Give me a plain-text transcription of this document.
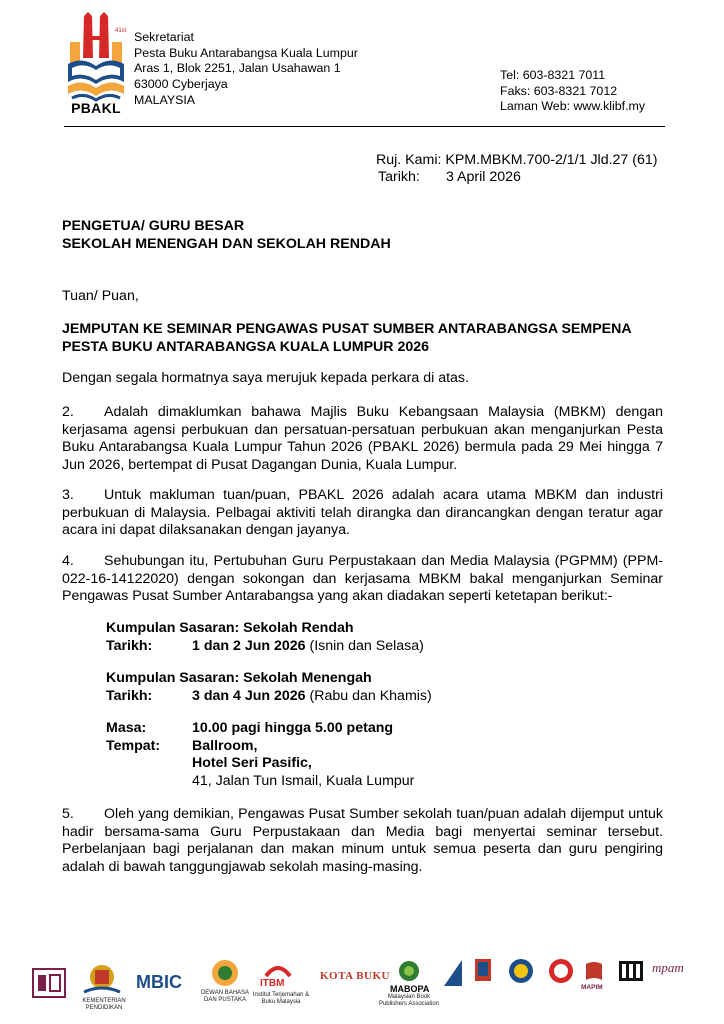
41st
PBAKL
Sekretariat
Pesta Buku Antarabangsa Kuala Lumpur
Aras 1, Blok 2251, Jalan Usahawan 1
63000 Cyberjaya
MALAYSIA
Tel: 603-8321 7011
Faks: 603-8321 7012
Laman Web: www.klibf.my
Ruj. Kami: KPM.MBKM.700-2/1/1 Jld.27 (61)
Tarikh: 3 April 2026
PENGETUA/ GURU BESAR
SEKOLAH MENENGAH DAN SEKOLAH RENDAH
Tuan/ Puan,
JEMPUTAN KE SEMINAR PENGAWAS PUSAT SUMBER ANTARABANGSA SEMPENA PESTA BUKU ANTARABANGSA KUALA LUMPUR 2026
Dengan segala hormatnya saya merujuk kepada perkara di atas.
2. Adalah dimaklumkan bahawa Majlis Buku Kebangsaan Malaysia (MBKM) dengan kerjasama agensi perbukuan dan persatuan-persatuan perbukuan akan menganjurkan Pesta Buku Antarabangsa Kuala Lumpur Tahun 2026 (PBAKL 2026) bermula pada 29 Mei hingga 7 Jun 2026, bertempat di Pusat Dagangan Dunia, Kuala Lumpur.
3. Untuk makluman tuan/puan, PBAKL 2026 adalah acara utama MBKM dan industri perbukuan di Malaysia. Pelbagai aktiviti telah dirangka dan dirancangkan dengan teratur agar acara ini dapat dilaksanakan dengan jayanya.
4. Sehubungan itu, Pertubuhan Guru Perpustakaan dan Media Malaysia (PGPMM) (PPM-022-16-14122020) dengan sokongan dan kerjasama MBKM bakal menganjurkan Seminar Pengawas Pusat Sumber Antarabangsa yang akan diadakan seperti ketetapan berikut:-
Kumpulan Sasaran: Sekolah Rendah
Tarikh:	1 dan 2 Jun 2026 (Isnin dan Selasa)
Kumpulan Sasaran: Sekolah Menengah
Tarikh:	3 dan 4 Jun 2026 (Rabu dan Khamis)
Masa:	10.00 pagi hingga 5.00 petang
Tempat: Ballroom,
Hotel Seri Pasific,
41, Jalan Tun Ismail, Kuala Lumpur
5. Oleh yang demikian, Pengawas Pusat Sumber sekolah tuan/puan adalah dijemput untuk hadir bersama-sama Guru Perpustakaan dan Media bagi menyertai seminar tersebut. Perbelanjaan bagi perjalanan dan makan minum untuk semua peserta dan guru pengiring adalah di bawah tanggungjawab sekolah masing-masing.
KEMENTERIAN PENDIDIKAN
MBIC
DEWAN BAHASA DAN PUSTAKA
ITBM
Institut Terjemahan & Buku Malaysia
KOTA BUKU
MABOPA
Malaysian Book Publishers Association
MAPIM
mpam
